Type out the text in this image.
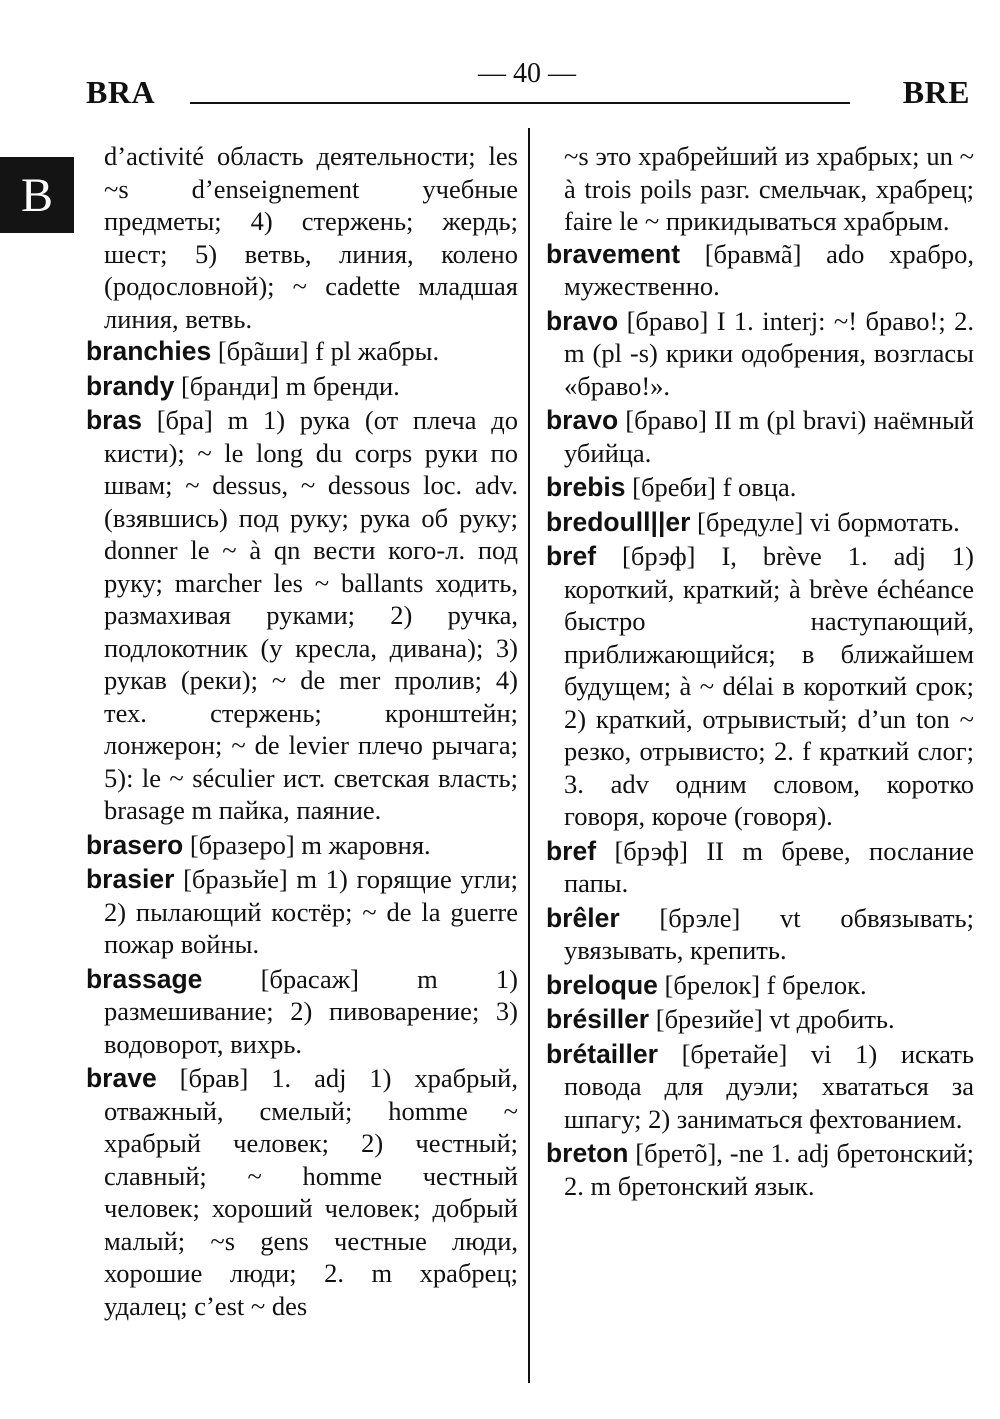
BRA
— 40 —
BRE
B
d’activité область деятельности; les ~s d’enseignement учебные предметы; 4) стержень; жердь; шест; 5) ветвь, линия, колено (родословной); ~ cadette младшая линия, ветвь.
branchies [брãши] f pl жабры.
brandy [бранди] m бренди.
bras [бра] m 1) рука (от плеча до кисти); ~ le long du corps руки по швам; ~ dessus, ~ dessous loc. adv. (взявшись) под руку; рука об руку; donner le ~ à qn вести кого-л. под руку; marcher les ~ ballants ходить, размахивая руками; 2) ручка, подлокотник (у кресла, дивана); 3) рукав (реки); ~ de mer пролив; 4) тех. стержень; кронштейн; лонжерон; ~ de levier плечо рычага; 5): le ~ séculier ист. светская власть; brasage m пайка, паяние.
brasero [бразеро] m жаровня.
brasier [бразьйе] m 1) горящие угли; 2) пылающий костёр; ~ de la guerre пожар войны.
brassage [брасаж] m 1) размешивание; 2) пивоварение; 3) водоворот, вихрь.
brave [брав] 1. adj 1) храбрый, отважный, смелый; homme ~ храбрый человек; 2) честный; славный; ~ homme честный человек; хороший человек; добрый малый; ~s gens честные люди, хорошие люди; 2. m храбрец; удалец; c’est ~ des
~s это храбрейший из храбрых; un ~ à trois poils разг. смельчак, храбрец; faire le ~ прикидываться храбрым.
bravement [бравмã] ado храбро, мужественно.
bravo [браво] I 1. interj: ~! браво!; 2. m (pl -s) крики одобрения, возгласы «браво!».
bravo [браво] II m (pl bravi) наёмный убийца.
brebis [бреби] f овца.
bredoull||er [бредуле] vi бормотать.
bref [брэф] I, brève 1. adj 1) короткий, краткий; à brève échéance быстро наступающий, приближающийся; в ближайшем будущем; à ~ délai в короткий срок; 2) краткий, отрывистый; d’un ton ~ резко, отрывисто; 2. f краткий слог; 3. adv одним словом, коротко говоря, короче (говоря).
bref [брэф] II m бреве, послание папы.
brêler [брэле] vt обвязывать; увязывать, крепить.
breloque [брелок] f брелок.
brésiller [брезийе] vt дробить.
brétailler [бретайе] vi 1) искать повода для дуэли; хвататься за шпагу; 2) заниматься фехтованием.
breton [бретõ], -ne 1. adj бретонский; 2. m бретонский язык.
